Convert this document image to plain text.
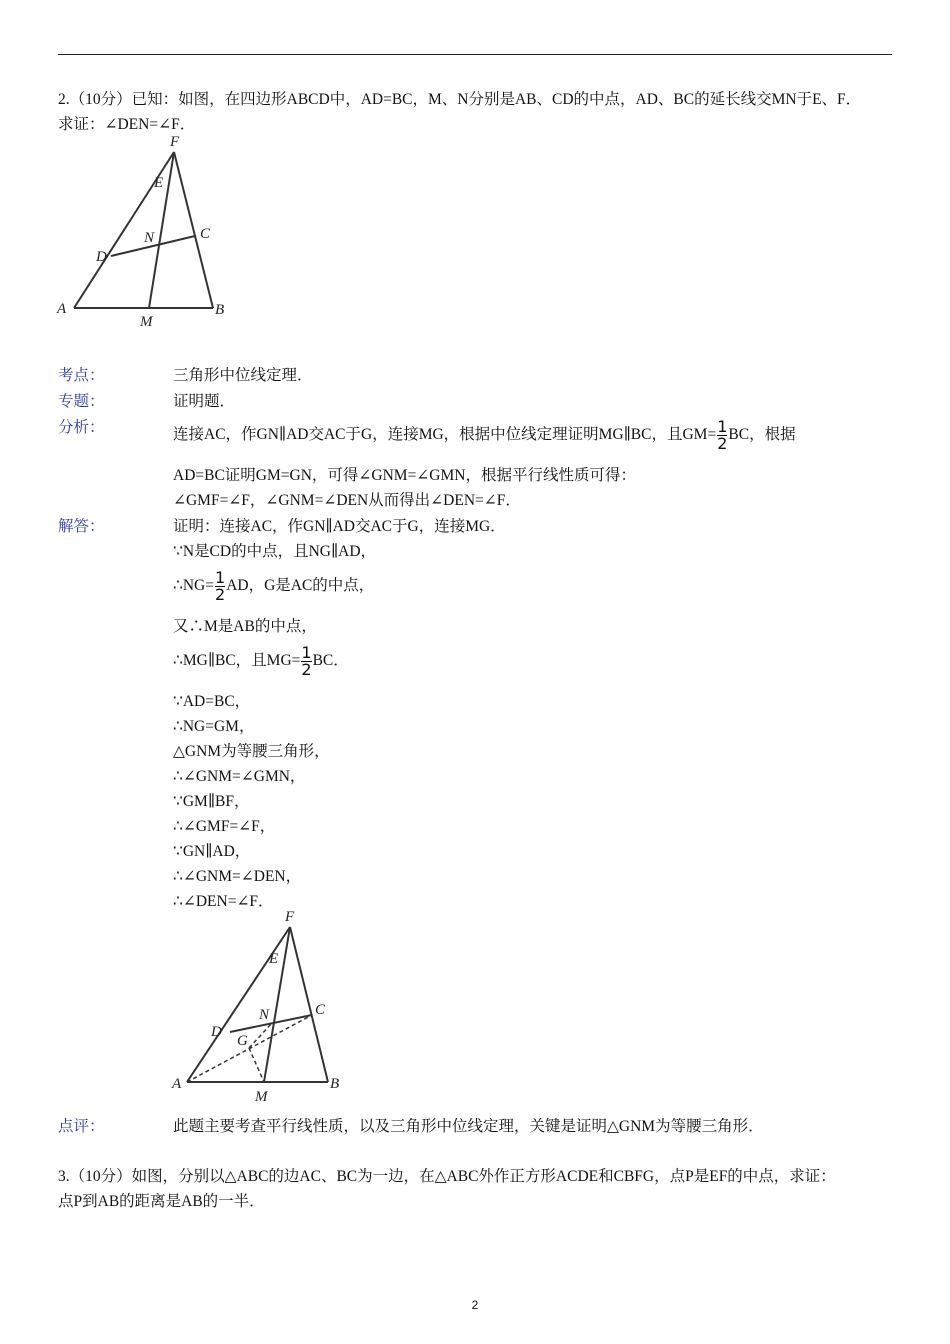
2.（10分）已知：如图，在四边形ABCD中，AD=BC，M、N分别是AB、CD的中点，AD、BC的延长线交MN于E、F．
求证：∠DEN=∠F．
F
E
C
N
D
A
M
B
考点：	三角形中位线定理．
专题：	证明题．
分析：	连接AC，作GN∥AD交AC于G，连接MG，根据中位线定理证明MG∥BC，且$GM= \frac{1}{2}$ BC，根据
AD=BC证明GM=GN，可得∠GNM=∠GMN，根据平行线性质可得：
∠GMF=∠F，∠GNM=∠DEN从而得出∠DEN=∠F．
解答：	证明：连接AC，作GN∥AD交AC于G，连接MG．
∵N是CD的中点，且NG∥AD，
∴NG= $\frac{1}{2}$ AD，G是AC的中点，
又∴M是AB的中点，
∴MG∥BC，且$MG= \frac{1}{2}$ BC．
∵AD=BC，
∴NG=GM，
△GNM为等腰三角形，
∴∠GNM=∠GMN，
∵GM∥BF，
∴∠GMF=∠F，
∵GN∥AD，
∴∠GNM=∠DEN，
∴∠DEN=∠F．
F
E
C
N
D
G
A
M
B
点评：	此题主要考查平行线性质，以及三角形中位线定理，关键是证明△GNM为等腰三角形．
3.（10分）如图，分别以△ABC的边AC、BC为一边，在△ABC外作正方形ACDE和CBFG，点P是EF的中点，求证：
点P到AB的距离是AB的一半．
2
